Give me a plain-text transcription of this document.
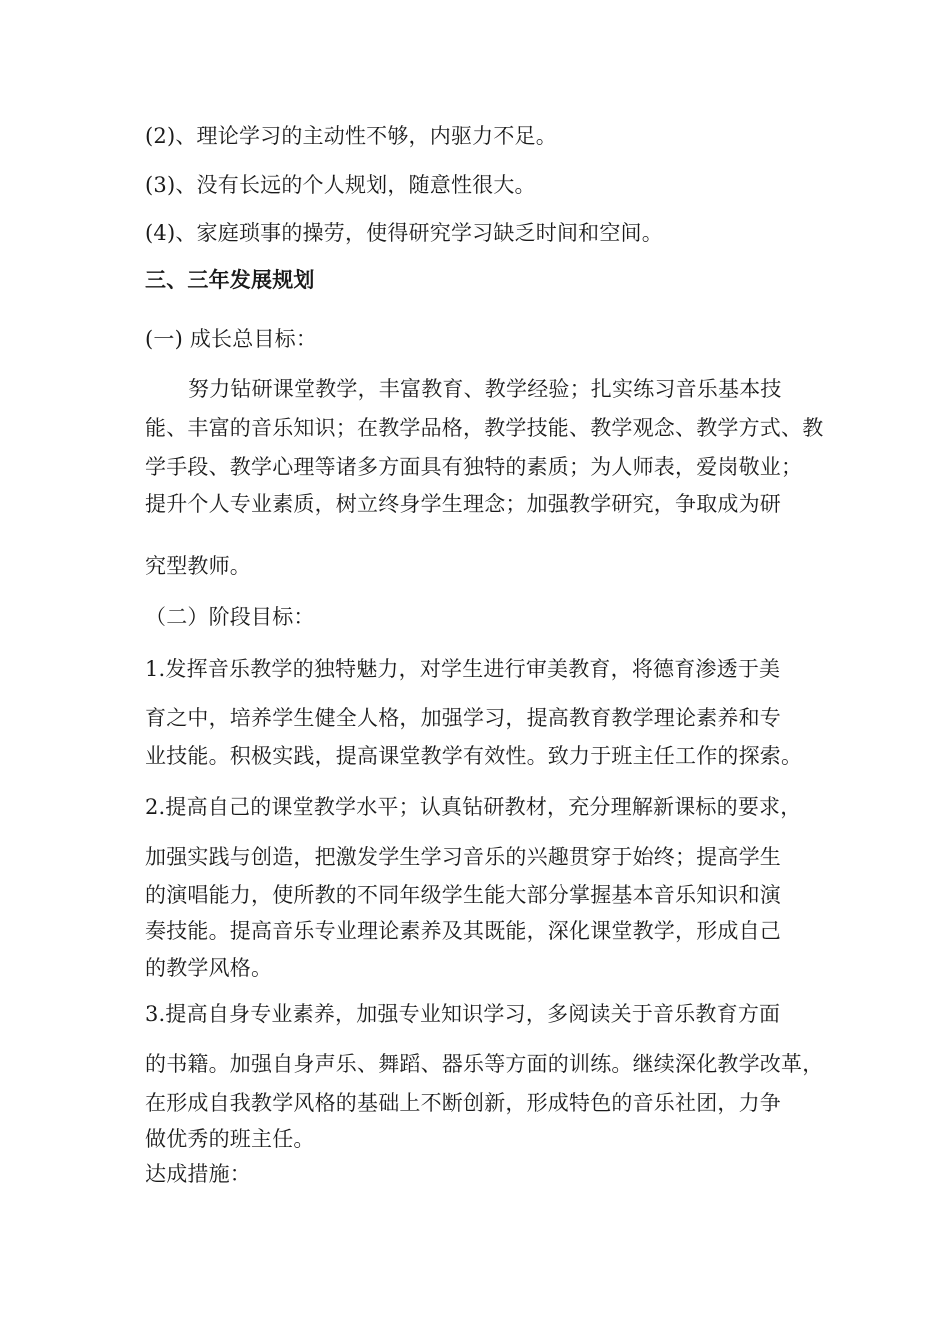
(2)、理论学习的主动性不够，内驱力不足。
(3)、没有长远的个人规划，随意性很大。
(4)、家庭琐事的操劳，使得研究学习缺乏时间和空间。
三、三年发展规划
(一) 成长总目标：
努力钻研课堂教学，丰富教育、教学经验；扎实练习音乐基本技
能、丰富的音乐知识；在教学品格，教学技能、教学观念、教学方式、教
学手段、教学心理等诸多方面具有独特的素质；为人师表，爱岗敬业；
提升个人专业素质，树立终身学生理念；加强教学研究，争取成为研
究型教师。
（二）阶段目标：
1.发挥音乐教学的独特魅力，对学生进行审美教育，将德育渗透于美
育之中，培养学生健全人格，加强学习，提高教育教学理论素养和专
业技能。积极实践，提高课堂教学有效性。致力于班主任工作的探索。
2.提高自己的课堂教学水平；认真钻研教材，充分理解新课标的要求，
加强实践与创造，把激发学生学习音乐的兴趣贯穿于始终；提高学生
的演唱能力，使所教的不同年级学生能大部分掌握基本音乐知识和演
奏技能。提高音乐专业理论素养及其既能，深化课堂教学，形成自己
的教学风格。
3.提高自身专业素养，加强专业知识学习，多阅读关于音乐教育方面
的书籍。加强自身声乐、舞蹈、器乐等方面的训练。继续深化教学改革，
在形成自我教学风格的基础上不断创新，形成特色的音乐社团，力争
做优秀的班主任。
达成措施：
